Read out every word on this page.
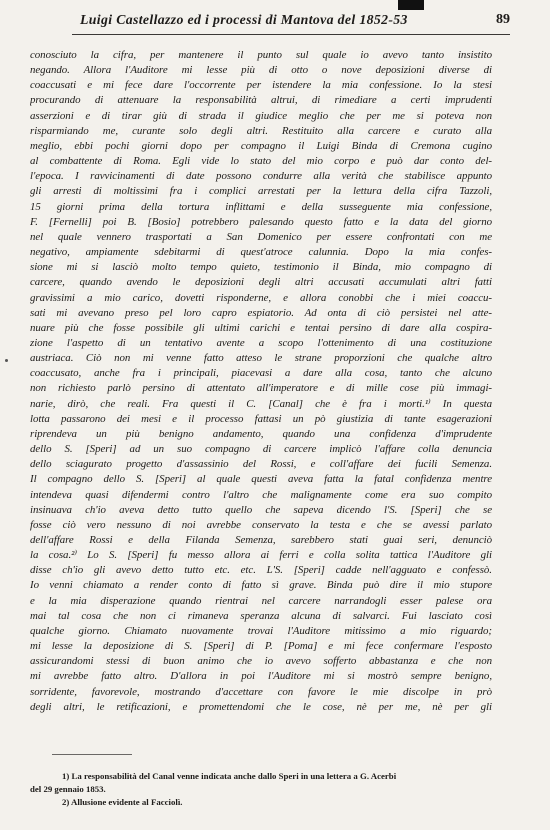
Luigi Castellazzo ed i processi di Mantova del 1852-53	89
conosciuto la cifra, per mantenere il punto sul quale io avevo tanto insistito
negando. Allora l'Auditore mi lesse più di otto o nove deposizioni diverse di
coaccusati e mi fece dare l'occorrente per istendere la mia confessione. Io la stesi
procurando di attenuare la responsabilità altrui, di rimediare a certi imprudenti
asserzioni e di tirar giù di strada il giudice meglio che per me si poteva non
risparmiando me, curante solo degli altri. Restituito alla carcere e curato alla
meglio, ebbi pochi giorni dopo per compagno il Luigi Binda di Cremona cugino
al combattente di Roma. Egli vide lo stato del mio corpo e può dar conto del-
l'epoca. I ravvicinamenti di date possono condurre alla verità che stabilisce appunto
gli arresti di moltissimi fra i complici arrestati per la lettura della cifra Tazzoli,
15 giorni prima della tortura inflittami e della susseguente mia confessione,
F. [Fernelli] poi B. [Bosio] potrebbero palesando questo fatto e la data del giorno
nel quale vennero trasportati a San Domenico per essere confrontati con me
negativo, ampiamente sdebitarmi di quest'atroce calunnia. Dopo la mia confes-
sione mi si lasciò molto tempo quieto, testimonio il Binda, mio compagno di
carcere, quando avendo le deposizioni degli altri accusati accumulati altri fatti
gravissimi a mio carico, dovetti risponderne, e allora conobbi che i miei coaccu-
sati mi avevano preso pel loro capro espiatorio. Ad onta di ciò persistei nel atte-
nuare più che fosse possibile gli ultimi carichi e tentai persino di dare alla cospira-
zione l'aspetto di un tentativo avente a scopo l'ottenimento di una costituzione
austriaca. Ciò non mi venne fatto atteso le strane proporzioni che qualche altro
coaccusato, anche fra i principali, piacevasi a dare alla cosa, tanto che alcuno
non richiesto parlò persino di attentato all'imperatore e di mille cose più immagi-
narie, dirò, che reali. Fra questi il C. [Canal] che è fra i morti.¹⁾ In questa
lotta passarono dei mesi e il processo fattasi un pò giustizia di tante esagerazioni
riprendeva un più benigno andamento, quando una confidenza d'imprudente
dello S. [Speri] ad un suo compagno di carcere implicò l'affare colla denuncia
dello sciagurato progetto d'assassinio del Rossi, e coll'affare dei fucili Semenza.
Il compagno dello S. [Speri] al quale questi aveva fatta la fatal confidenza mentre
intendeva quasi difendermi contro l'altro che malignamente come era suo compito
insinuava ch'io aveva detto tutto quello che sapeva dicendo l'S. [Speri] che se
fosse ciò vero nessuno di noi avrebbe conservato la testa e che se avessi parlato
dell'affare Rossi e della Filanda Semenza, sarebbero stati guai seri, denunciò
la cosa.²⁾ Lo S. [Speri] fu messo allora ai ferri e colla solita tattica l'Auditore gli
disse ch'io gli avevo detto tutto etc. etc. L'S. [Speri] cadde nell'agguato e confessò.
Io venni chiamato a render conto di fatto sì grave. Binda può dire il mio stupore
e la mia disperazione quando rientrai nel carcere narrandogli esser palese ora
mai tal cosa che non ci rimaneva speranza alcuna di salvarci. Fui lasciato così
qualche giorno. Chiamato nuovamente trovai l'Auditore mitissimo a mio riguardo;
mi lesse la deposizione di S. [Speri] di P. [Poma] e mi fece confermare l'esposto
assicurandomi stessi di buon animo che io avevo sofferto abbastanza e che non
mi avrebbe fatto altro. D'allora in poi l'Auditore mi si mostrò sempre benigno,
sorridente, favorevole, mostrando d'accettare con favore le mie discolpe in prò
degli altri, le retificazioni, e promettendomi che le cose, nè per me, nè per gli
1) La responsabilità del Canal venne indicata anche dallo Speri in una lettera a G. Acerbi
del 29 gennaio 1853.
2) Allusione evidente al Facciolì.
